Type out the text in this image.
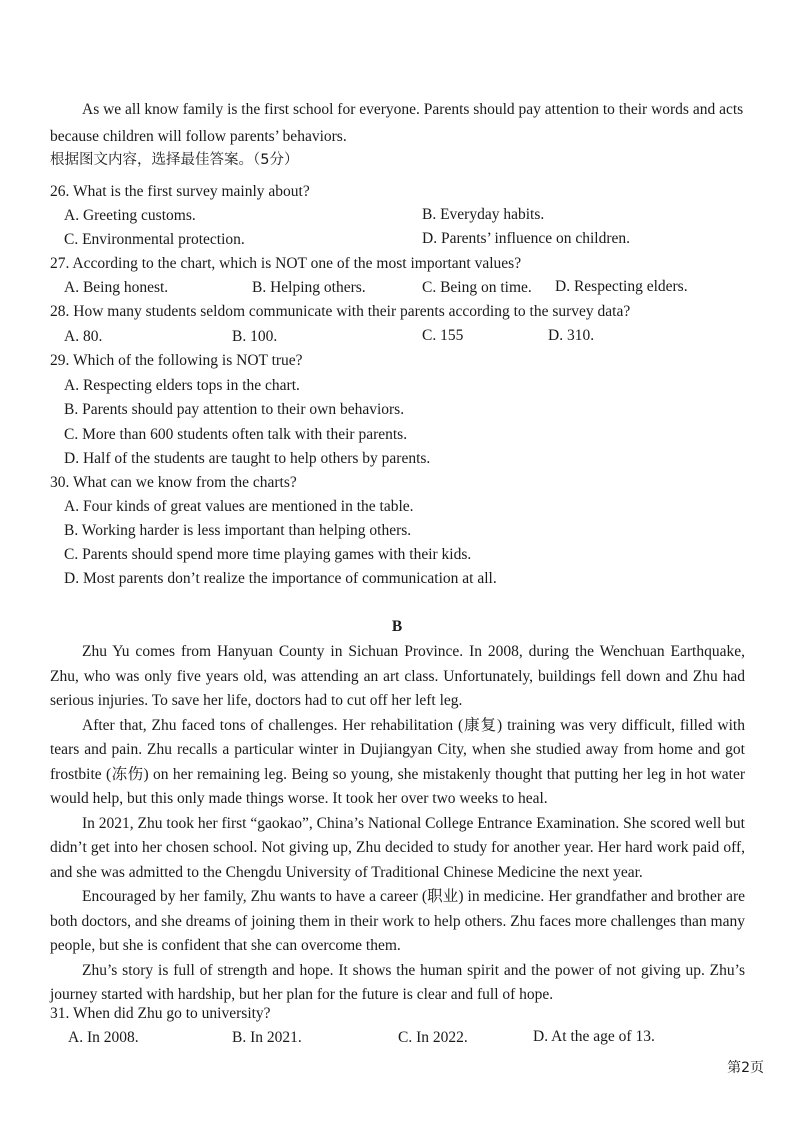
As we all know family is the first school for everyone. Parents should pay attention to their words and acts
because children will follow parents’ behaviors.
根据图文内容，选择最佳答案。（5分）
26. What is the first survey mainly about?
A. Greeting customs.	B. Everyday habits.
C. Environmental protection.	D. Parents’ influence on children.
27. According to the chart, which is NOT one of the most important values?
A. Being honest.	B. Helping others.	C. Being on time. D. Respecting elders.
28. How many students seldom communicate with their parents according to the survey data?
A. 80.	B. 100.	C. 155	D. 310.
29. Which of the following is NOT true?
A. Respecting elders tops in the chart.
B. Parents should pay attention to their own behaviors.
C. More than 600 students often talk with their parents.
D. Half of the students are taught to help others by parents.
30. What can we know from the charts?
A. Four kinds of great values are mentioned in the table.
B. Working harder is less important than helping others.
C. Parents should spend more time playing games with their kids.
D. Most parents don’t realize the importance of communication at all.
B

Zhu Yu comes from Hanyuan County in Sichuan Province. In 2008, during the Wenchuan Earthquake, Zhu, who was only five years old, was attending an art class. Unfortunately, buildings fell down and Zhu had serious injuries. To save her life, doctors had to cut off her left leg.

After that, Zhu faced tons of challenges. Her rehabilitation (康复) training was very difficult, filled with tears and pain. Zhu recalls a particular winter in Dujiangyan City, when she studied away from home and got frostbite (冻伤) on her remaining leg. Being so young, she mistakenly thought that putting her leg in hot water would help, but this only made things worse. It took her over two weeks to heal.

In 2021, Zhu took her first “gaokao”, China’s National College Entrance Examination. She scored well but didn’t get into her chosen school. Not giving up, Zhu decided to study for another year. Her hard work paid off, and she was admitted to the Chengdu University of Traditional Chinese Medicine the next year.

Encouraged by her family, Zhu wants to have a career (职业) in medicine. Her grandfather and brother are both doctors, and she dreams of joining them in their work to help others. Zhu faces more challenges than many people, but she is confident that she can overcome them.

Zhu’s story is full of strength and hope. It shows the human spirit and the power of not giving up. Zhu’s journey started with hardship, but her plan for the future is clear and full of hope.

31. When did Zhu go to university?
A. In 2008.	B. In 2021.	C. In 2022.	D. At the age of 13.
第2页
